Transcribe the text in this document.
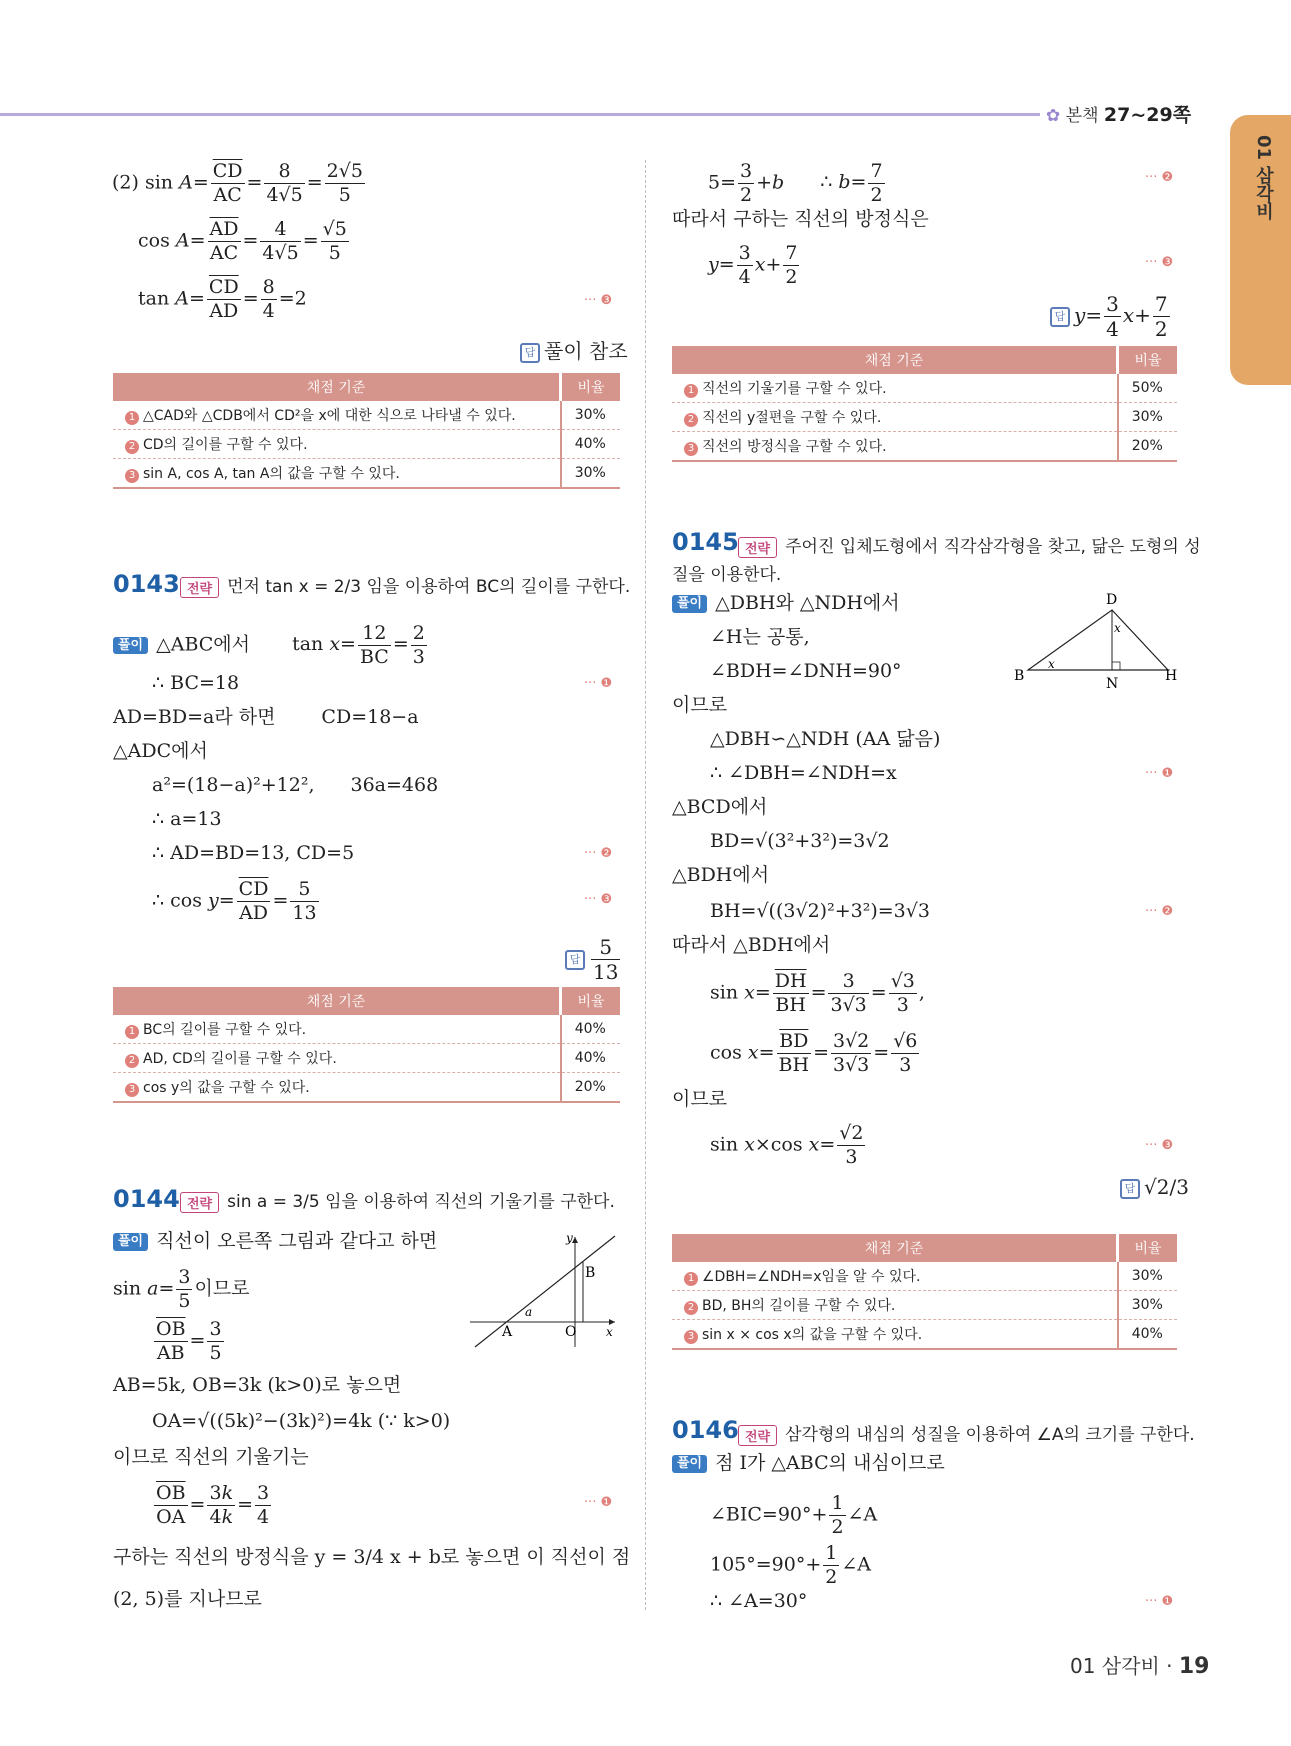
✿ 본책 27~29쪽
01 삼각비
(2) $\sin A= \frac{\overline{CD}}{AC} = \frac{8}{4√5} = \frac{2√5}{5}$
$\cos A= \frac{\overline{AD}}{AC} = \frac{4}{4√5} = \frac{√5}{5}$
$\tan A= \frac{\overline{CD}}{AD} = \frac{8}{4} =2$	··· ❸
답 풀이 참조
채점 기준	비율
1 △CAD와 △CDB에서 CD²을 x에 대한 식으로 나타낼 수 있다.	30%
2 CD의 길이를 구할 수 있다.	40%
3 sin A, cos A, tan A의 값을 구할 수 있다.	30%
0143 전략 먼저 tan x = 2/3 임을 이용하여 BC의 길이를 구한다.
풀이 △ABC에서 $\tan x= \frac{12}{BC} = \frac{2}{3}$
∴ BC=18	··· ❶
AD=BD=a라 하면 CD=18−a
△ADC에서
a²=(18−a)²+12², 36a=468
∴ a=13
∴ AD=BD=13, CD=5	··· ❷
∴ $\cos y= \frac{\overline{CD}}{AD} = \frac{5}{13}$	··· ❸
답 $\frac{5}{13}$
채점 기준	비율
1 BC의 길이를 구할 수 있다.	40%
2 AD, CD의 길이를 구할 수 있다.	40%
3 cos y의 값을 구할 수 있다.	20%
0144 전략 sin a = 3/5 임을 이용하여 직선의 기울기를 구한다.
풀이 직선이 오른쪽 그림과 같다고 하면
$\sin a= \frac{3}{5}$ 이므로
$\frac{\overline{OB}}{AB} = \frac{3}{5}$
AB=5k, OB=3k (k>0)로 놓으면
OA=√((5k)²−(3k)²)=4k (∵ k>0)
이므로 직선의 기울기는
$\frac{\overline{OB}}{OA} = \frac{3k}{4k} = \frac{3}{4}$	··· ❶
구하는 직선의 방정식을 y = 3/4 x + b로 놓으면 이 직선이 점
(2, 5)를 지나므로
y
x
B
O
A
a
$5= \frac{3}{2} +b$ ∴ $b= \frac{7}{2}$	··· ❷
따라서 구하는 직선의 방정식은
$y= \frac{3}{4} x+ \frac{7}{2}$	··· ❸
답 $y= \frac{3}{4} x+ \frac{7}{2}$
채점 기준	비율
1 직선의 기울기를 구할 수 있다.	50%
2 직선의 y절편을 구할 수 있다.	30%
3 직선의 방정식을 구할 수 있다.	20%
0145 전략 주어진 입체도형에서 직각삼각형을 찾고, 닮은 도형의 성
질을 이용한다.
풀이 △DBH와 △NDH에서
∠H는 공통,
∠BDH=∠DNH=90°
이므로
△DBH∽△NDH (AA 닮음)
∴ ∠DBH=∠NDH=x	··· ❶
△BCD에서
BD=√(3²+3²)=3√2
△BDH에서
BH=√((3√2)²+3²)=3√3	··· ❷
따라서 △BDH에서
$\sin x= \frac{\overline{DH}}{BH} = \frac{3}{3√3} = \frac{√3}{3}$ ,
$\cos x= \frac{\overline{BD}}{BH} = \frac{3√2}{3√3} = \frac{√6}{3}$
이므로
sin x×cos $x= \frac{√2}{3}$	··· ❸
답 √2/3
D
B	N	H
x
x
채점 기준	비율
1 ∠DBH=∠NDH=x임을 알 수 있다.	30%
2 BD, BH의 길이를 구할 수 있다.	30%
3 sin x × cos x의 값을 구할 수 있다.	40%
0146 전략 삼각형의 내심의 성질을 이용하여 ∠A의 크기를 구한다.
풀이 점 I가 △ABC의 내심이므로
∠BIC=90°+ $\frac{1}{2}$ ∠A
$105^\circ=90^\circ+ \frac{1}{2}$ ∠A
∴ ∠A=30°	··· ❶
01 삼각비 · 19
